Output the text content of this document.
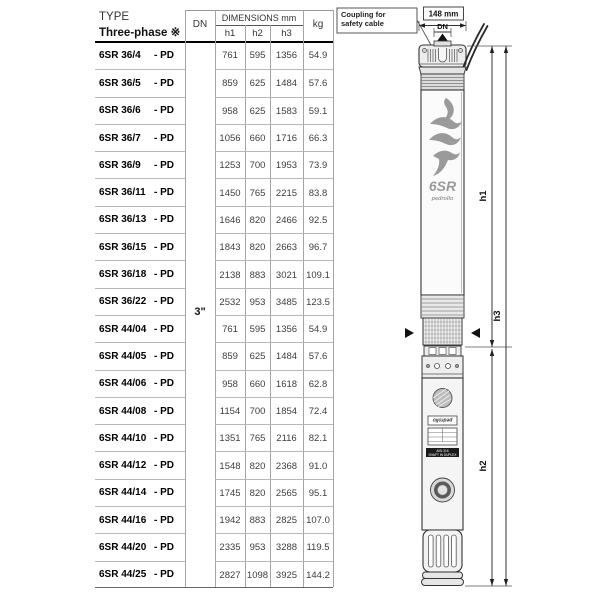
TYPE
Three-phase ※
DN
DIMENSIONS mm
h1	h2	h3
kg
6SR 36/4	- PD	761	595	1356	54.9
6SR 36/5	- PD	859	625	1484	57.6
6SR 36/6	- PD	958	625	1583	59.1
6SR 36/7	- PD	1056 660	1716	66.3
6SR 36/9	- PD	1253 700	1953	73.9
6SR 36/11 - PD	1450 765	2215	83.8
6SR 36/13 - PD	1646 820	2466	92.5
6SR 36/15 - PD	1843 820	2663	96.7
6SR 36/18 - PD	2138 883	3021 109.1
6SR 36/22 - PD	2532 953	3485 123.5
6SR 44/04 - PD	761	595	1356	54.9
6SR 44/05 - PD	859	625	1484	57.6
6SR 44/06 - PD	958	660	1618	62.8
6SR 44/08 - PD	1154 700	1854	72.4
6SR 44/10 - PD	1351 765	2116	82.1
6SR 44/12 - PD	1548 820	2368	91.0
6SR 44/14 - PD	1745 820	2565	95.1
6SR 44/16 - PD	1942 883	2825 107.0
6SR 44/20 - PD	2335 953	3288 119.5
6SR 44/25 - PD	2827 1098 3925 144.2
3"
Coupling for
safety cable
148 mm
DN
6SR
pedrollo
pedrollo
AISI 316
SHAFT IN DUPLEX
h1
h2
h3
